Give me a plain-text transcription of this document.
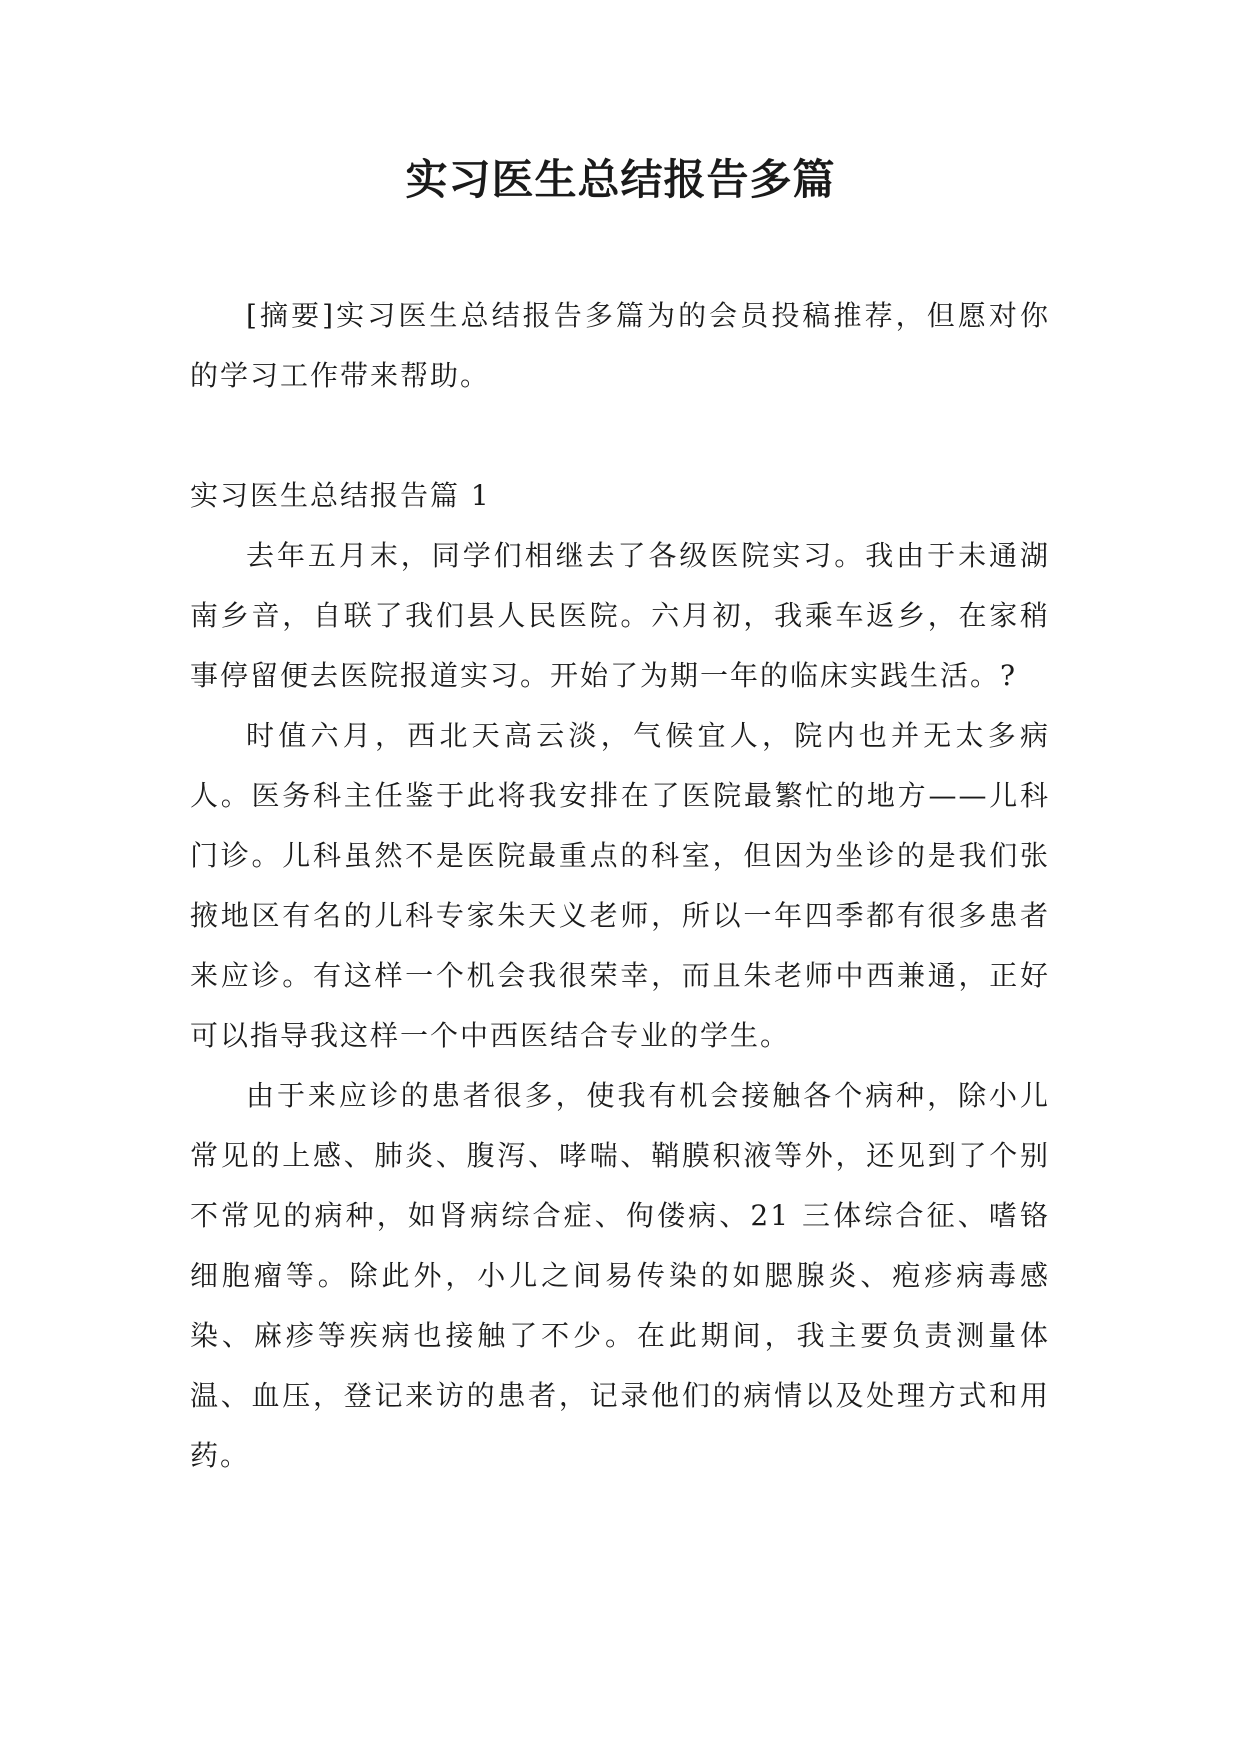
实习医生总结报告多篇

[摘要]实习医生总结报告多篇为的会员投稿推荐，但愿对你的学习工作带来帮助。

实习医生总结报告篇 1

去年五月末，同学们相继去了各级医院实习。我由于未通湖南乡音，自联了我们县人民医院。六月初，我乘车返乡，在家稍事停留便去医院报道实习。开始了为期一年的临床实践生活。?

时值六月，西北天高云淡，气候宜人，院内也并无太多病人。医务科主任鉴于此将我安排在了医院最繁忙的地方——儿科门诊。儿科虽然不是医院最重点的科室，但因为坐诊的是我们张掖地区有名的儿科专家朱天义老师，所以一年四季都有很多患者来应诊。有这样一个机会我很荣幸，而且朱老师中西兼通，正好可以指导我这样一个中西医结合专业的学生。

由于来应诊的患者很多，使我有机会接触各个病种，除小儿常见的上感、肺炎、腹泻、哮喘、鞘膜积液等外，还见到了个别不常见的病种，如肾病综合症、佝偻病、21 三体综合征、嗜铬细胞瘤等。除此外，小儿之间易传染的如腮腺炎、疱疹病毒感染、麻疹等疾病也接触了不少。在此期间，我主要负责测量体温、血压，登记来访的患者，记录他们的病情以及处理方式和用药。
